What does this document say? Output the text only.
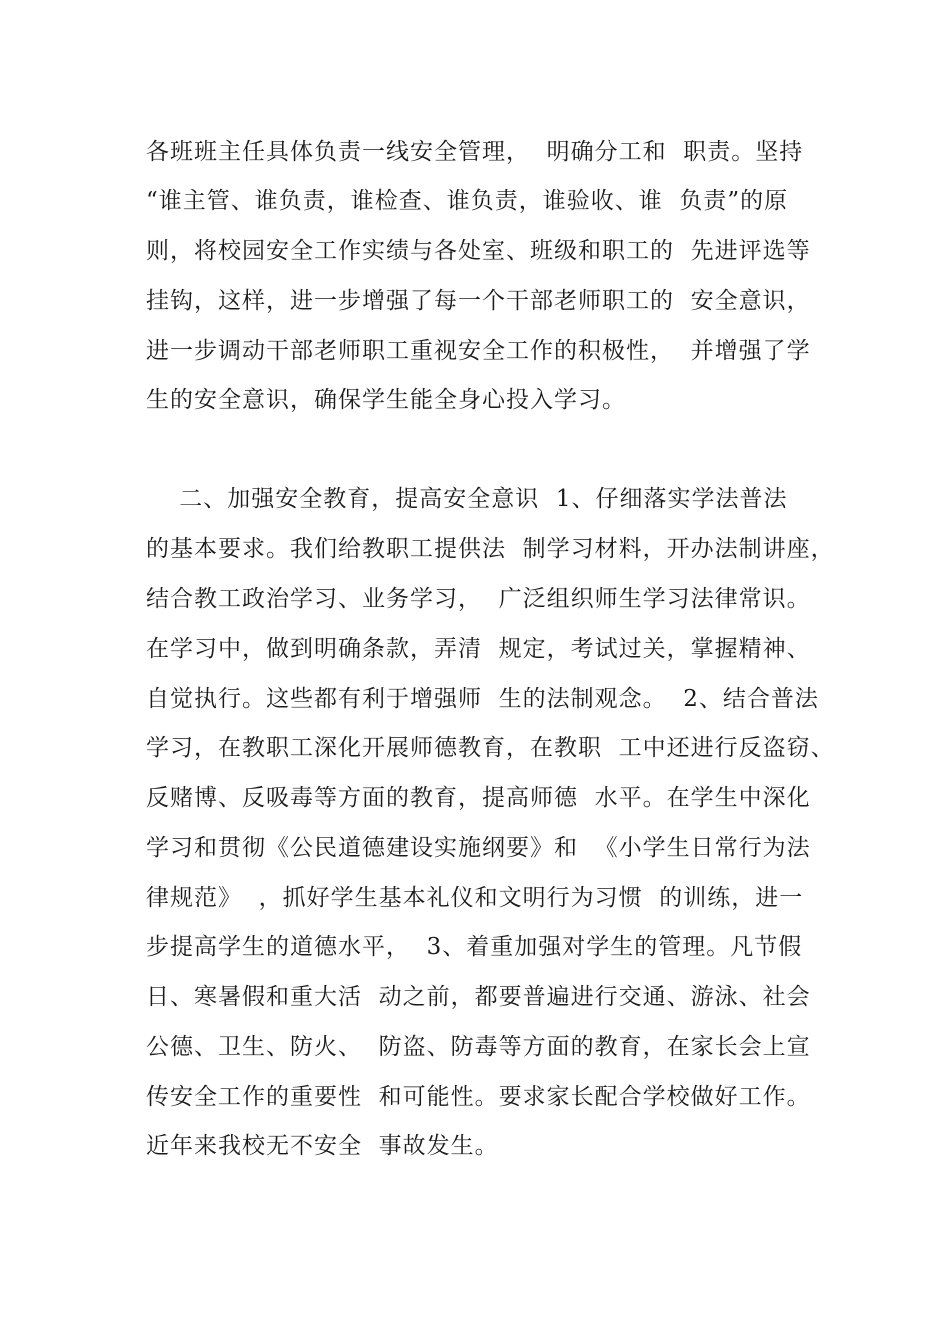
各班班主任具体负责一线安全管理，  明确分工和  职责。坚持
“谁主管、谁负责，谁检查、谁负责，谁验收、谁  负责”的原
则，将校园安全工作实绩与各处室、班级和职工的  先进评选等
挂钩，这样，进一步增强了每一个干部老师职工的  安全意识，
进一步调动干部老师职工重视安全工作的积极性，  并增强了学
生的安全意识，确保学生能全身心投入学习。
二、加强安全教育，提高安全意识  1、仔细落实学法普法
的基本要求。我们给教职工提供法  制学习材料，开办法制讲座，
结合教工政治学习、业务学习，  广泛组织师生学习法律常识。
在学习中，做到明确条款，弄清  规定，考试过关，掌握精神、
自觉执行。这些都有利于增强师  生的法制观念。  2、结合普法
学习，在教职工深化开展师德教育，在教职  工中还进行反盗窃、
反赌博、反吸毒等方面的教育，提高师德  水平。在学生中深化
学习和贯彻《公民道德建设实施纲要》和  《小学生日常行为法
律规范》  ，抓好学生基本礼仪和文明行为习惯  的训练，进一
步提高学生的道德水平，  3、着重加强对学生的管理。凡节假
日、寒暑假和重大活  动之前，都要普遍进行交通、游泳、社会
公德、卫生、防火、  防盗、防毒等方面的教育，在家长会上宣
传安全工作的重要性  和可能性。要求家长配合学校做好工作。
近年来我校无不安全  事故发生。
